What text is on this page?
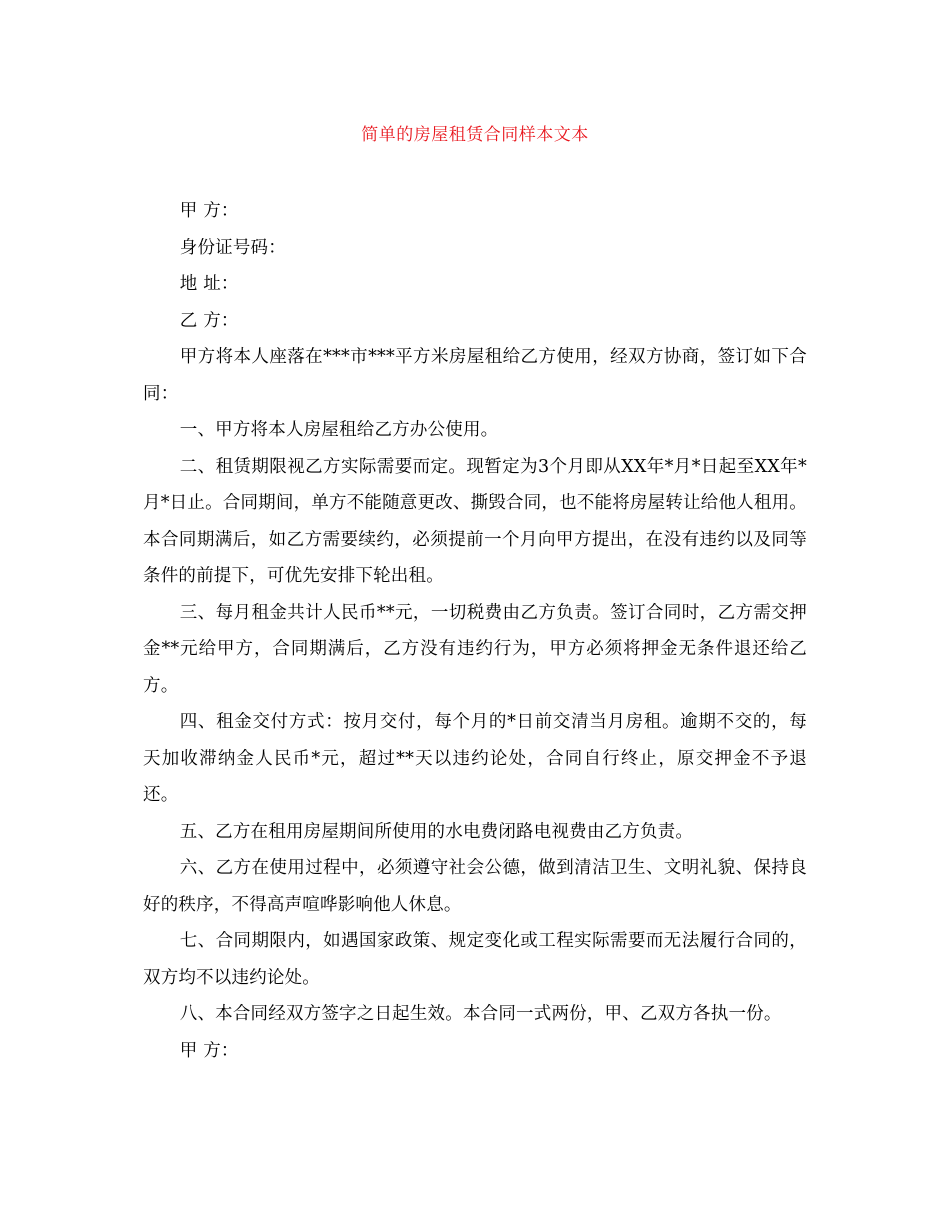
简单的房屋租赁合同样本文本

甲 方：

身份证号码：

地 址：

乙 方：

甲方将本人座落在***市***平方米房屋租给乙方使用，经双方协商，签订如下合同：

一、甲方将本人房屋租给乙方办公使用。

二、租赁期限视乙方实际需要而定。现暂定为3个月即从XX年*月*日起至XX年*月*日止。合同期间，单方不能随意更改、撕毁合同，也不能将房屋转让给他人租用。本合同期满后，如乙方需要续约，必须提前一个月向甲方提出，在没有违约以及同等条件的前提下，可优先安排下轮出租。

三、每月租金共计人民币**元，一切税费由乙方负责。签订合同时，乙方需交押金**元给甲方，合同期满后，乙方没有违约行为，甲方必须将押金无条件退还给乙方。

四、租金交付方式：按月交付，每个月的*日前交清当月房租。逾期不交的，每天加收滞纳金人民币*元，超过**天以违约论处，合同自行终止，原交押金不予退还。

五、乙方在租用房屋期间所使用的水电费闭路电视费由乙方负责。

六、乙方在使用过程中，必须遵守社会公德，做到清洁卫生、文明礼貌、保持良好的秩序，不得高声喧哗影响他人休息。

七、合同期限内，如遇国家政策、规定变化或工程实际需要而无法履行合同的，双方均不以违约论处。

八、本合同经双方签字之日起生效。本合同一式两份，甲、乙双方各执一份。

甲 方：
